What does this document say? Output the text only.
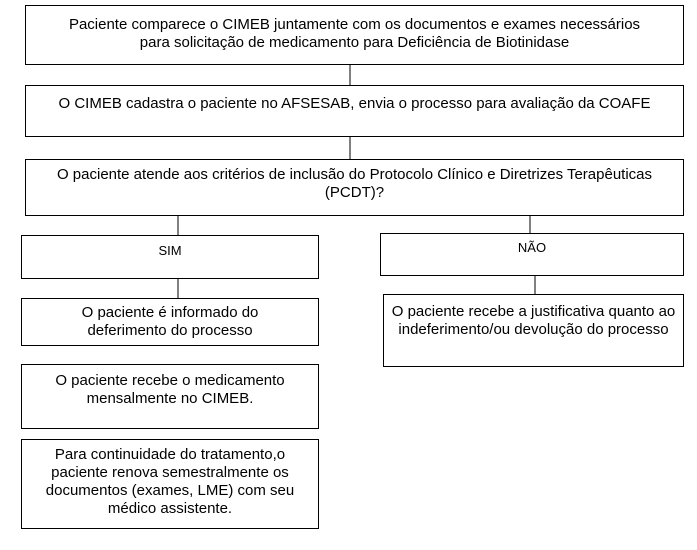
Paciente comparece o CIMEB juntamente com os documentos e exames necessários para solicitação de medicamento para Deficiência de Biotinidase
O CIMEB cadastra o paciente no AFSESAB, envia o processo para avaliação da COAFE
O paciente atende aos critérios de inclusão do Protocolo Clínico e Diretrizes Terapêuticas (PCDT)?
SIM	NÃO
O paciente é informado do deferimento do processo
O paciente recebe a justificativa quanto ao indeferimento/ou devolução do processo
O paciente recebe o medicamento mensalmente no CIMEB.
Para continuidade do tratamento,o paciente renova semestralmente os documentos (exames, LME) com seu médico assistente.
